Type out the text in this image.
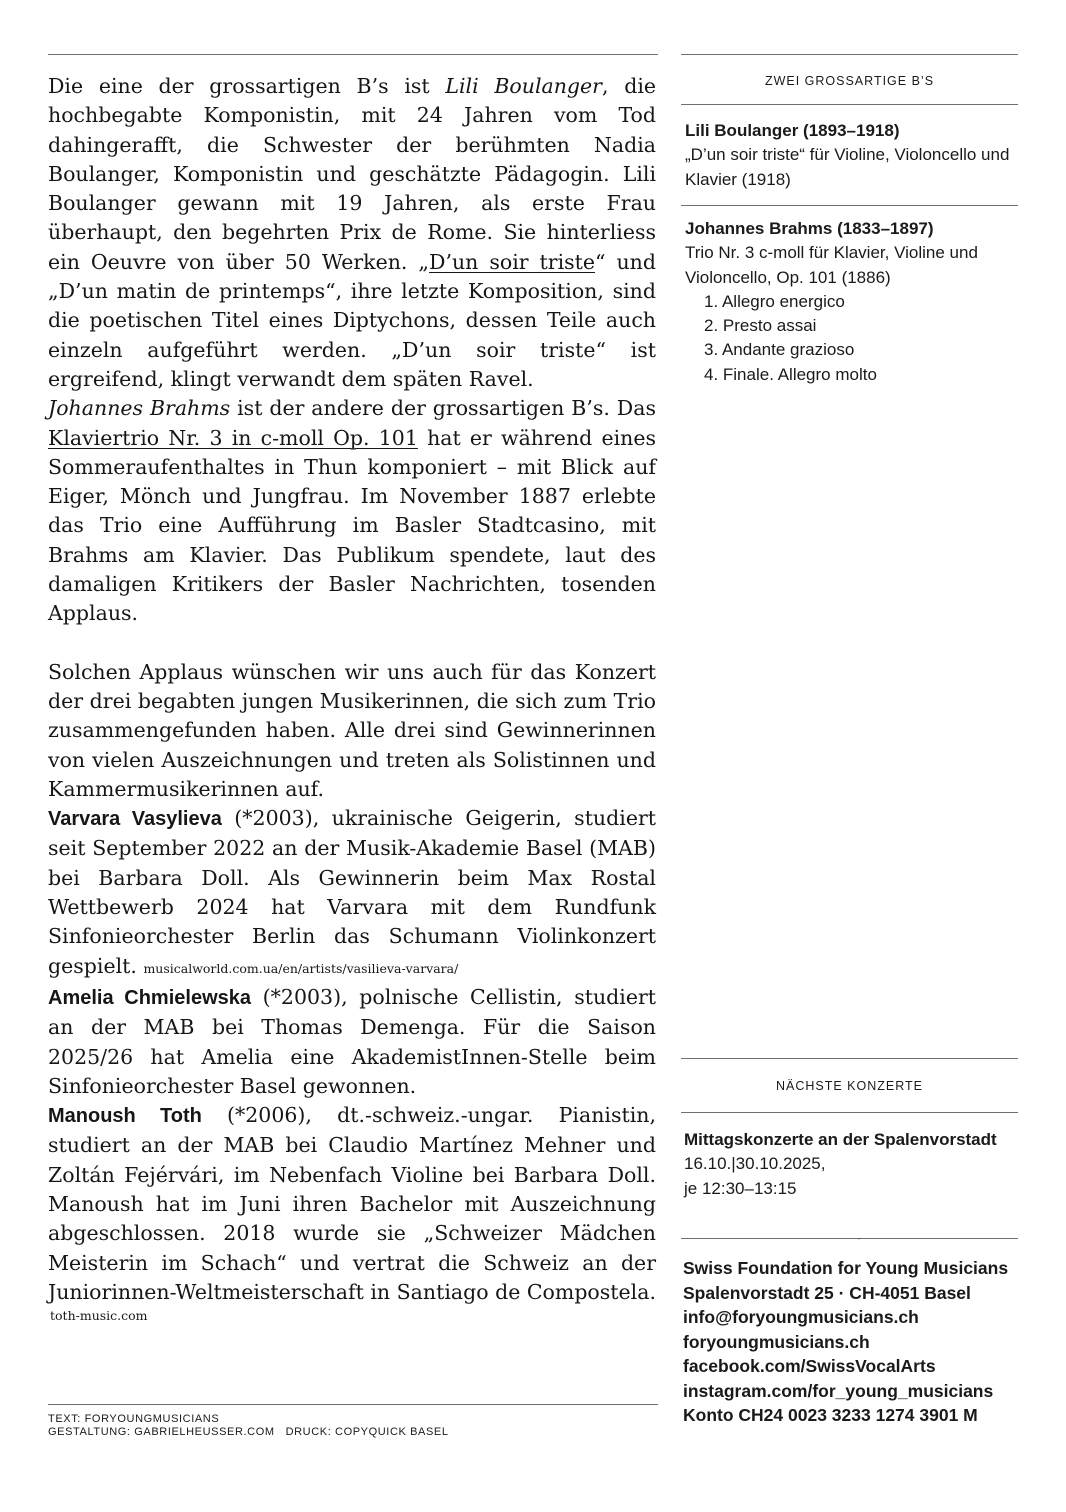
Die eine der grossartigen B’s ist Lili Boulanger, die hochbegabte Komponistin, mit 24 Jahren vom Tod dahingerafft, die Schwester der berühmten Nadia Boulanger, Komponistin und geschätzte Pädagogin. Lili Boulanger gewann mit 19 Jahren, als erste Frau überhaupt, den begehrten Prix de Rome. Sie hinterliess ein Oeuvre von über 50 Werken. „D’un soir triste“ und „D’un matin de printemps“, ihre letzte Komposition, sind die poetischen Titel eines Diptychons, dessen Teile auch einzeln aufgeführt werden. „D’un soir triste“ ist ergreifend, klingt verwandt dem späten Ravel.

Johannes Brahms ist der andere der grossartigen B’s. Das Klaviertrio Nr. 3 in c-moll Op. 101 hat er während eines Sommeraufenthaltes in Thun komponiert – mit Blick auf Eiger, Mönch und Jungfrau. Im November 1887 erlebte das Trio eine Aufführung im Basler Stadtcasino, mit Brahms am Klavier. Das Publikum spendete, laut des damaligen Kritikers der Basler Nachrichten, tosenden Applaus.

Solchen Applaus wünschen wir uns auch für das Konzert der drei begabten jungen Musikerinnen, die sich zum Trio zusammengefunden haben. Alle drei sind Gewinnerinnen von vielen Auszeichnungen und treten als Solistinnen und Kammermusikerinnen auf.

Varvara Vasylieva (*2003), ukrainische Geigerin, studiert seit September 2022 an der Musik-Akademie Basel (MAB) bei Barbara Doll. Als Gewinnerin beim Max Rostal Wettbewerb 2024 hat Varvara mit dem Rundfunk Sinfonieorchester Berlin das Schumann Violinkonzert gespielt. musicalworld.com.ua/en/artists/vasilieva-varvara/

Amelia Chmielewska (*2003), polnische Cellistin, studiert an der MAB bei Thomas Demenga. Für die Saison 2025/26 hat Amelia eine AkademistInnen-Stelle beim Sinfonieorchester Basel gewonnen.

Manoush Toth (*2006), dt.-schweiz.-ungar. Pianistin, studiert an der MAB bei Claudio Martínez Mehner und Zoltán Fejérvári, im Nebenfach Violine bei Barbara Doll. Manoush hat im Juni ihren Bachelor mit Auszeichnung abgeschlossen. 2018 wurde sie „Schweizer Mädchen Meisterin im Schach“ und vertrat die Schweiz an der Juniorinnen-Weltmeisterschaft in Santiago de Compostela.

toth-music.com

TEXT: FORYOUNGMUSICIANS
GESTALTUNG: GABRIELHEUSSER.COM   DRUCK: COPYQUICK BASEL
ZWEI GROSSARTIGE B’S
Lili Boulanger (1893–1918)
„D’un soir triste“ für Violine, Violoncello und Klavier (1918)
Johannes Brahms (1833–1897)
Trio Nr. 3 c-moll für Klavier, Violine und Violoncello, Op. 101 (1886)
1. Allegro energico
2. Presto assai
3. Andante grazioso
4. Finale. Allegro molto
NÄCHSTE KONZERTE
Mittagskonzerte an der Spalenvorstadt
16.10.|30.10.2025,
je 12:30–13:15
´
Swiss Foundation for Young Musicians
Spalenvorstadt 25 · CH-4051 Basel
info@foryoungmusicians.ch
foryoungmusicians.ch
facebook.com/SwissVocalArts
instagram.com/for_young_musicians
Konto CH24 0023 3233 1274 3901 M
